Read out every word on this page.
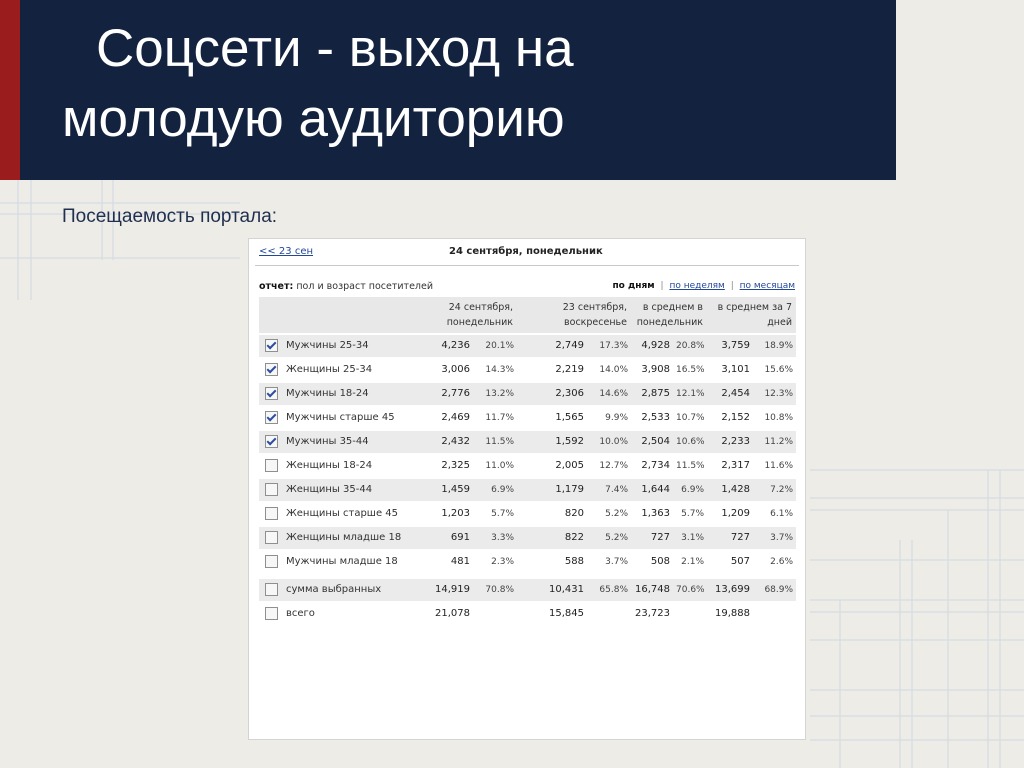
Соцсети - выход на
молодую аудиторию

Посещаемость портала:

<< 23 сен	24 сентября, понедельник
отчет: пол и возраст посетителей	по дням | по неделям | по месяцам
		24 сентября, понедельник		23 сентября, воскресенье		в среднем в понедельник		в среднем за 7 дней	
	Мужчины 25-34	4,236	20.1%	2,749	17.3%	4,928	20.8%	3,759	18.9%
	Женщины 25-34	3,006	14.3%	2,219	14.0%	3,908	16.5%	3,101	15.6%
	Мужчины 18-24	2,776	13.2%	2,306	14.6%	2,875	12.1%	2,454	12.3%
	Мужчины старше 45	2,469	11.7%	1,565	9.9%	2,533	10.7%	2,152	10.8%
	Мужчины 35-44	2,432	11.5%	1,592	10.0%	2,504	10.6%	2,233	11.2%
	Женщины 18-24	2,325	11.0%	2,005	12.7%	2,734	11.5%	2,317	11.6%
	Женщины 35-44	1,459	6.9%	1,179	7.4%	1,644	6.9%	1,428	7.2%
	Женщины старше 45	1,203	5.7%	820	5.2%	1,363	5.7%	1,209	6.1%
	Женщины младше 18	691	3.3%	822	5.2%	727	3.1%	727	3.7%
	Мужчины младше 18	481	2.3%	588	3.7%	508	2.1%	507	2.6%

	сумма выбранных	14,919	70.8%	10,431	65.8%	16,748	70.6%	13,699	68.9%
	всего	21,078		15,845		23,723		19,888	
